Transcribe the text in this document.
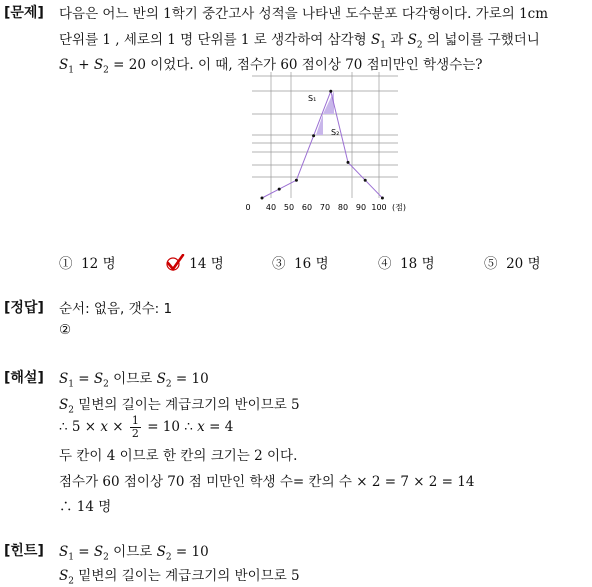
[문제] 다음은 어느 반의 1학기 중간고사 성적을 나타낸 도수분포 다각형이다. 가로의 1cm
단위를 1 , 세로의 1 명 단위를 1 로 생각하여 삼각형 $S_1$ 과 $S_2$ 의 넓이를 구했더니
$S_1 + S_2 = 20$ 이었다. 이 때, 점수가 60 점이상 70 점미만인 학생수는?
S₁
S₂
0 40 50 60 70 80 90 100 (점)
① 12 명	14 명	③ 16 명	④ 18 명	⑤ 20 명
[정답] 순서: 없음, 갯수: 1
②
[해설] $S_1 = S_2$ 이므로 $S_2 = 10$
$S_2$ 밑변의 길이는 계급크기의 반이므로 5
∴ $5 \times x \times \frac{1}{2} = 10$ ∴ x = 4
두 칸이 4 이므로 한 칸의 크기는 2 이다.
점수가 60 점이상 70 점 미만인 학생 수= 칸의 수 × 2 = 7 × 2 = 14
∴ 14 명
[힌트] $S_1 = S_2$ 이므로 $S_2 = 10$
$S_2$ 밑변의 길이는 계급크기의 반이므로 5
